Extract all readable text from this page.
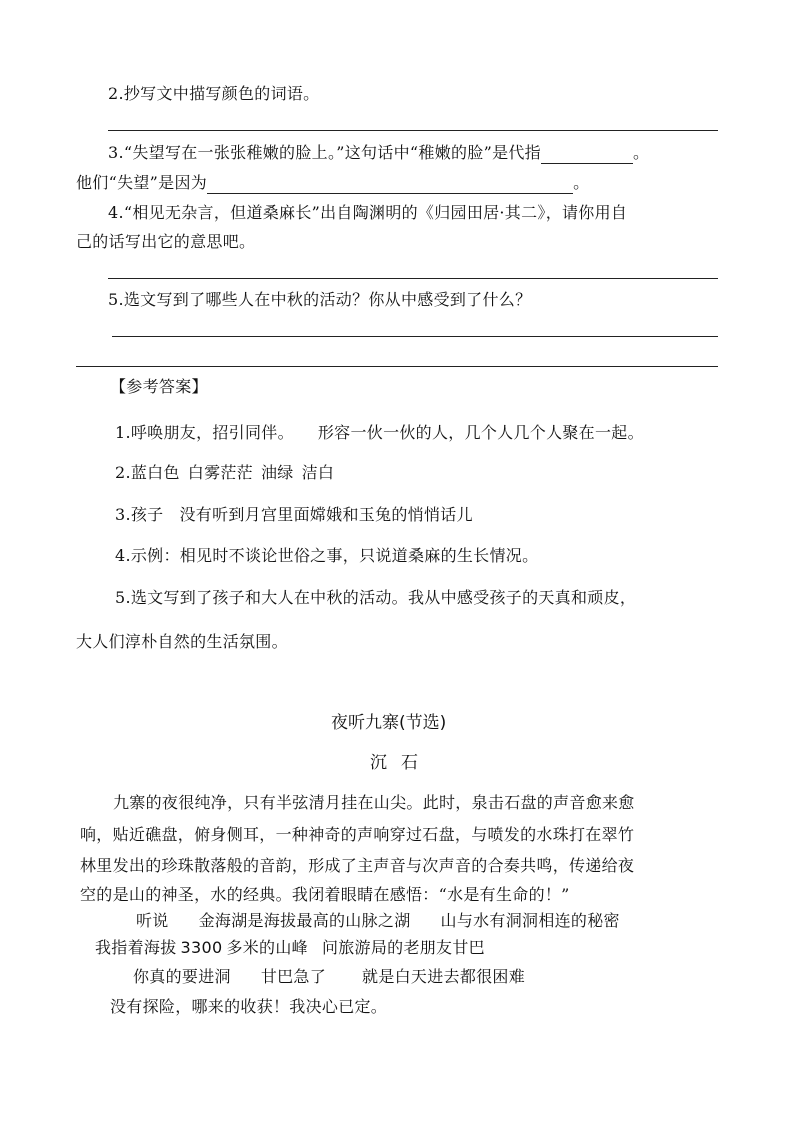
2.抄写文中描写颜色的词语。
3.“失望写在一张张稚嫩的脸上。”这句话中“稚嫩的脸”是代指	。
他们“失望”是因为	。
4.“相见无杂言，但道桑麻长”出自陶渊明的《归园田居·其二》，请你用自
己的话写出它的意思吧。
5.选文写到了哪些人在中秋的活动？你从中感受到了什么？
【参考答案】
1.呼唤朋友，招引同伴。 形容一伙一伙的人，几个人几个人聚在一起。
2.蓝白色 白雾茫茫 油绿 洁白
3.孩子 没有听到月宫里面嫦娥和玉兔的悄悄话儿
4.示例：相见时不谈论世俗之事，只说道桑麻的生长情况。
5.选文写到了孩子和大人在中秋的活动。我从中感受孩子的天真和顽皮，
大人们淳朴自然的生活氛围。
夜听九寨(节选)
沉石
九寨的夜很纯净，只有半弦清月挂在山尖。此时，泉击石盘的声音愈来愈
响，贴近礁盘，俯身侧耳，一种神奇的声响穿过石盘，与喷发的水珠打在翠竹
林里发出的珍珠散落般的音韵，形成了主声音与次声音的合奏共鸣，传递给夜
空的是山的神圣，水的经典。我闭着眼睛在感悟：“水是有生命的！”
听说 金海湖是海拔最高的山脉之湖 山与水有洞洞相连的秘密
我指着海拔 3300 多米的山峰 问旅游局的老朋友甘巴
你真的要进洞 甘巴急了 就是白天进去都很困难
没有探险，哪来的收获！我决心已定。
